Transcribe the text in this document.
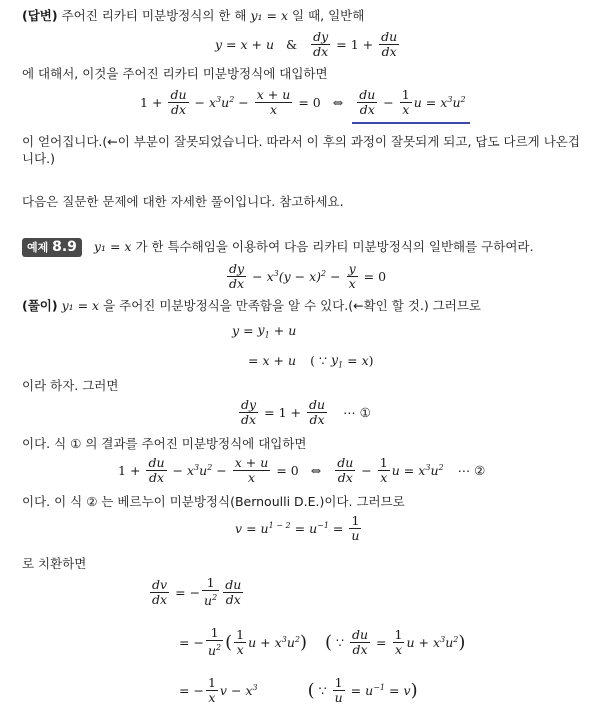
(답변) 주어진 리카티 미분방정식의 한 해 y₁ = x 일 때, 일반해
y = x + u & $\frac{dy}{dx} = 1 + \frac{du}{dx}$
에 대해서, 이것을 주어진 리카티 미분방정식에 대입하면
$1 + \frac{du}{dx} - x^3u^2 - \frac{x + u}{x} = 0$ ⇔ $\frac{du}{dx} - \frac{1}{x}$ $u = x^3u^2$
이 얻어집니다.(←이 부분이 잘못되었습니다. 따라서 이 후의 과정이 잘못되게 되고, 답도 다르게 나온겁
니다.)
다음은 질문한 문제에 대한 자세한 풀이입니다. 참고하세요.
예제 8.9 y₁ = x 가 한 특수해임을 이용하여 다음 리카티 미분방정식의 일반해를 구하여라.
$\frac{dy}{dx} - x^3(y - x)^2 - \frac{y}{x} = 0$
(풀이) y₁ = x 을 주어진 미분방정식을 만족함을 알 수 있다.(←확인 할 것.) 그러므로
$y = y_1 + u$
= x + u ( ∵ $y_1 = x$ )
이라 하자. 그러면
$\frac{dy}{dx} = 1 + \frac{du}{dx}$ ⋯ ①
이다. 식 ① 의 결과를 주어진 미분방정식에 대입하면
$1 + \frac{du}{dx} - x^3u^2 - \frac{x + u}{x} = 0$ ⇔ $\frac{du}{dx} - \frac{1}{x}$ $u = x^3u^2$ ⋯ ②
이다. 이 식 ② 는 베르누이 미분방정식(Bernoulli D.E.)이다. 그러므로
$v = u^{1 - 2} = u^{-1} = \frac{1}{u}$
로 치환하면
$\frac{dv}{dx}$ = − $\frac{1}{u^2} \frac{du}{dx}$
= − $\frac{1}{u^2}$ ( $\frac{1}{x}$ $u + x^3u^2$ ) ( ∵ $\frac{du}{dx} = \frac{1}{x}$ $u + x^3u^2$ )
= − $\frac{1}{x}$ $v - x^3$	( ∵ $\frac{1}{u} = u^{-1} = v$ )
